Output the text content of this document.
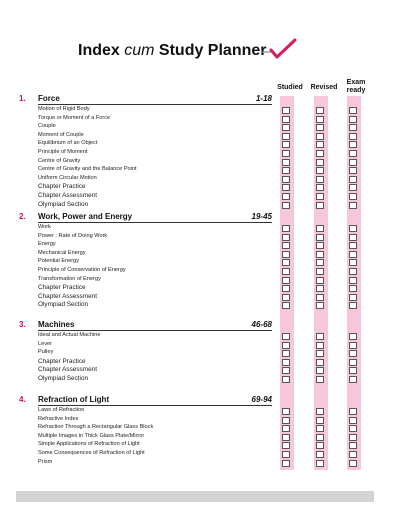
Index cum Study Planner
Studied	Revised
Exam ready
1. Force	1-18
Motion of Rigid Body
Torque or Moment of a Force
Couple
Moment of Couple
Equilibrium of an Object
Principle of Moment
Centre of Gravity
Centre of Gravity and the Balance Point
Uniform Circular Motion
Chapter Practice
Chapter Assessment
Olympiad Section
2. Work, Power and Energy	19-45
Work
Power : Rate of Doing Work
Energy
Mechanical Energy
Potential Energy
Principle of Conservation of Energy
Transformation of Energy
Chapter Practice
Chapter Assessment
Olympiad Section
3. Machines	46-68
Ideal and Actual Machine
Lever
Pulley
Chapter Practice
Chapter Assessment
Olympiad Section
4. Refraction of Light	69-94
Laws of Refraction
Refractive Index
Refraction Through a Rectangular Glass Block
Multiple Images in Thick Glass Plate/Mirror
Simple Applications of Refraction of Light
Some Consequences of Refraction of Light
Prism
